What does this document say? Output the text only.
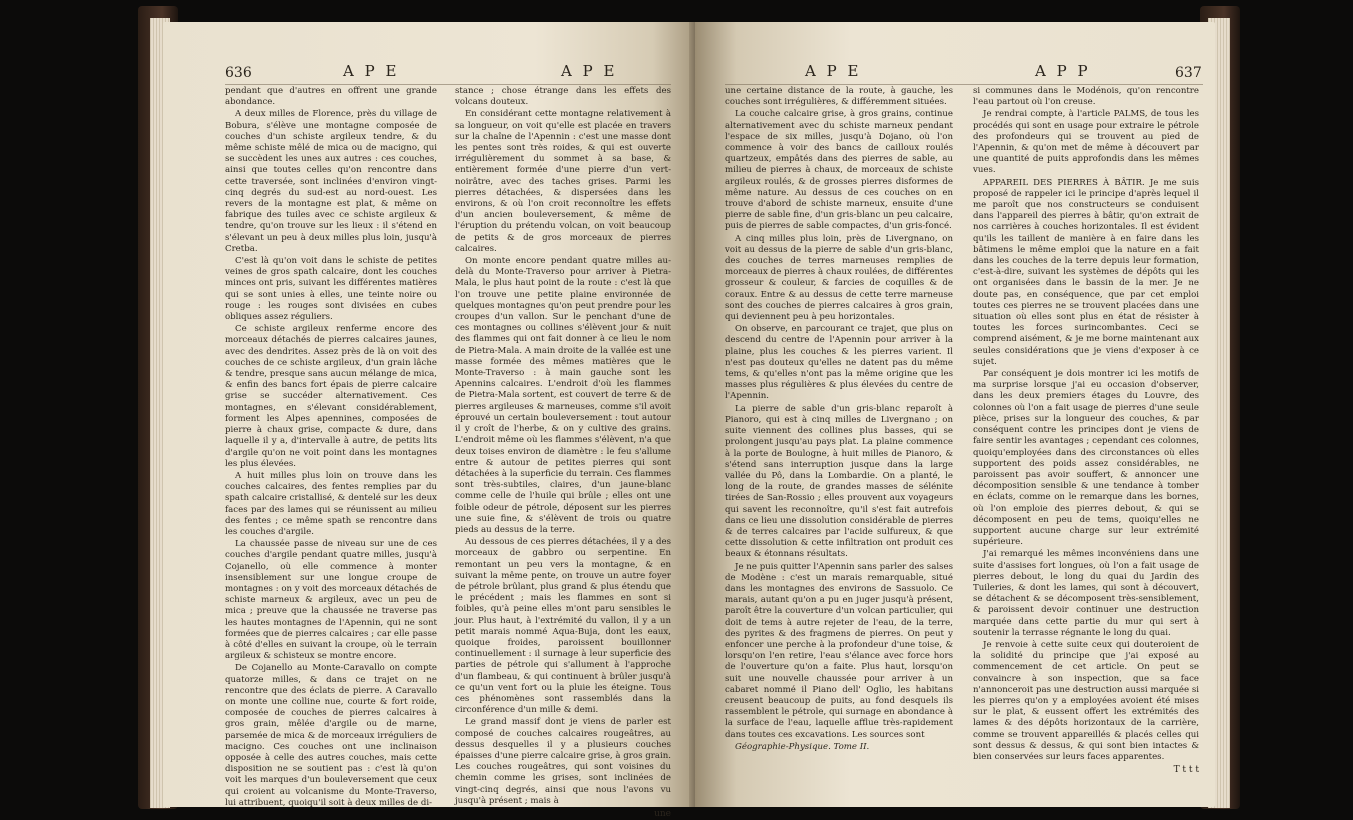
636	A P E	A P E

pendant que d'autres en offrent une grande abondance.

A deux milles de Florence, près du village de Bobura, s'élève une montagne composée de couches d'un schiste argileux tendre, & du même schiste mêlé de mica ou de macigno, qui se succèdent les unes aux autres : ces couches, ainsi que toutes celles qu'on rencontre dans cette traversée, sont inclinées d'environ vingt-cinq degrés du sud-est au nord-ouest. Les revers de la montagne est plat, & même on fabrique des tuiles avec ce schiste argileux & tendre, qu'on trouve sur les lieux : il s'étend en s'élevant un peu à deux milles plus loin, jusqu'à Cretba.

C'est là qu'on voit dans le schiste de petites veines de gros spath calcaire, dont les couches minces ont pris, suivant les différentes matières qui se sont unies à elles, une teinte noire ou rouge : les rouges sont divisées en cubes obliques assez réguliers.

Ce schiste argileux renferme encore des morceaux détachés de pierres calcaires jaunes, avec des dendrites. Assez près de là on voit des couches de ce schiste argileux, d'un grain lâche & tendre, presque sans aucun mélange de mica, & enfin des bancs fort épais de pierre calcaire grise se succéder alternativement. Ces montagnes, en s'élevant considérablement, forment les Alpes apennines, composées de pierre à chaux grise, compacte & dure, dans laquelle il y a, d'intervalle à autre, de petits lits d'argile qu'on ne voit point dans les montagnes les plus élevées.

A huit milles plus loin on trouve dans les couches calcaires, des fentes remplies par du spath calcaire cristallisé, & dentelé sur les deux faces par des lames qui se réunissent au milieu des fentes ; ce même spath se rencontre dans les couches d'argile.

La chaussée passe de niveau sur une de ces couches d'argile pendant quatre milles, jusqu'à Cojanello, où elle commence à monter insensiblement sur une longue croupe de montagnes : on y voit des morceaux détachés de schiste marneux & argileux, avec un peu de mica ; preuve que la chaussée ne traverse pas les hautes montagnes de l'Apennin, qui ne sont formées que de pierres calcaires ; car elle passe à côté d'elles en suivant la croupe, où le terrain argileux & schisteux se montre encore.

De Cojanello au Monte-Caravallo on compte quatorze milles, & dans ce trajet on ne rencontre que des éclats de pierre. A Caravallo on monte une colline nue, courte & fort roide, composée de couches de pierres calcaires à gros grain, mêlée d'argile ou de marne, parsemée de mica & de morceaux irréguliers de macigno. Ces couches ont une inclinaison opposée à celle des autres couches, mais cette disposition ne se soutient pas : c'est là qu'on voit les marques d'un bouleversement que ceux qui croient au volcanisme du Monte-Traverso, lui attribuent, quoiqu'il soit à deux milles de di-

stance ; chose étrange dans les effets des volcans douteux.

En considérant cette montagne relativement à sa longueur, on voit qu'elle est placée en travers sur la chaîne de l'Apennin : c'est une masse dont les pentes sont très roides, & qui est ouverte irrégulièrement du sommet à sa base, & entièrement formée d'une pierre d'un vert-noirâtre, avec des taches grises. Parmi les pierres détachées, & dispersées dans les environs, & où l'on croit reconnoître les effets d'un ancien bouleversement, & même de l'éruption du prétendu volcan, on voit beaucoup de petits & de gros morceaux de pierres calcaires.

On monte encore pendant quatre milles au-delà du Monte-Traverso pour arriver à Pietra-Mala, le plus haut point de la route : c'est là que l'on trouve une petite plaine environnée de quelques montagnes qu'on peut prendre pour les croupes d'un vallon. Sur le penchant d'une de ces montagnes ou collines s'élèvent jour & nuit des flammes qui ont fait donner à ce lieu le nom de Pietra-Mala. A main droite de la vallée est une masse formée des mêmes matières que le Monte-Traverso : à main gauche sont les Apennins calcaires. L'endroit d'où les flammes de Pietra-Mala sortent, est couvert de terre & de pierres argileuses & marneuses, comme s'il avoit éprouvé un certain bouleversement : tout autour il y croît de l'herbe, & on y cultive des grains. L'endroit même où les flammes s'élèvent, n'a que deux toises environ de diamètre : le feu s'allume entre & autour de petites pierres qui sont détachées à la superficie du terrain. Ces flammes sont très-subtiles, claires, d'un jaune-blanc comme celle de l'huile qui brûle ; elles ont une foible odeur de pétrole, déposent sur les pierres une suie fine, & s'élèvent de trois ou quatre pieds au dessus de la terre.

Au dessous de ces pierres détachées, il y a des morceaux de gabbro ou serpentine. En remontant un peu vers la montagne, & en suivant la même pente, on trouve un autre foyer de pétrole brûlant, plus grand & plus étendu que le précédent ; mais les flammes en sont si foibles, qu'à peine elles m'ont paru sensibles le jour. Plus haut, à l'extrémité du vallon, il y a un petit marais nommé Aqua-Buja, dont les eaux, quoique froides, paroissent bouillonner continuellement : il surnage à leur superficie des parties de pétrole qui s'allument à l'approche d'un flambeau, & qui continuent à brûler jusqu'à ce qu'un vent fort ou la pluie les éteigne. Tous ces phénomènes sont rassemblés dans la circonférence d'un mille & demi.

Le grand massif dont je viens de parler est composé de couches calcaires rougeâtres, au dessus desquelles il y a plusieurs couches épaisses d'une pierre calcaire grise, à gros grain. Les couches rougeâtres, qui sont voisines du chemin comme les grises, sont inclinées de vingt-cinq degrés, ainsi que nous l'avons vu jusqu'à présent ; mais à

une

A P E	A P P	637

une certaine distance de la route, à gauche, les couches sont irrégulières, & différemment situées.

La couche calcaire grise, à gros grains, continue alternativement avec du schiste marneux pendant l'espace de six milles, jusqu'à Dojano, où l'on commence à voir des bancs de cailloux roulés quartzeux, empâtés dans des pierres de sable, au milieu de pierres à chaux, de morceaux de schiste argileux roulés, & de grosses pierres disformes de même nature. Au dessus de ces couches on en trouve d'abord de schiste marneux, ensuite d'une pierre de sable fine, d'un gris-blanc un peu calcaire, puis de pierres de sable compactes, d'un gris-foncé.

A cinq milles plus loin, près de Livergnano, on voit au dessus de la pierre de sable d'un gris-blanc, des couches de terres marneuses remplies de morceaux de pierres à chaux roulées, de différentes grosseur & couleur, & farcies de coquilles & de coraux. Entre & au dessus de cette terre marneuse sont des couches de pierres calcaires à gros grain, qui deviennent peu à peu horizontales.

On observe, en parcourant ce trajet, que plus on descend du centre de l'Apennin pour arriver à la plaine, plus les couches & les pierres varient. Il n'est pas douteux qu'elles ne datent pas du même tems, & qu'elles n'ont pas la même origine que les masses plus régulières & plus élevées du centre de l'Apennin.

La pierre de sable d'un gris-blanc reparoît à Pianoro, qui est à cinq milles de Livergnano ; on suite viennent des collines plus basses, qui se prolongent jusqu'au pays plat. La plaine commence à la porte de Boulogne, à huit milles de Pianoro, & s'étend sans interruption jusque dans la large vallée du Pô, dans la Lombardie. On a planté, le long de la route, de grandes masses de sélénite tirées de San-Rossio ; elles prouvent aux voyageurs qui savent les reconnoître, qu'il s'est fait autrefois dans ce lieu une dissolution considérable de pierres & de terres calcaires par l'acide sulfureux, & que cette dissolution & cette infiltration ont produit ces beaux & étonnans résultats.

Je ne puis quitter l'Apennin sans parler des salses de Modène : c'est un marais remarquable, situé dans les montagnes des environs de Sassuolo. Ce marais, autant qu'on a pu en juger jusqu'à présent, paroît être la couverture d'un volcan particulier, qui doit de tems à autre rejeter de l'eau, de la terre, des pyrites & des fragmens de pierres. On peut y enfoncer une perche à la profondeur d'une toise, & lorsqu'on l'en retire, l'eau s'élance avec force hors de l'ouverture qu'on a faite. Plus haut, lorsqu'on suit une nouvelle chaussée pour arriver à un cabaret nommé il Piano dell' Oglio, les habitans creusent beaucoup de puits, au fond desquels ils rassemblent le pétrole, qui surnage en abondance à la surface de l'eau, laquelle afflue très-rapidement dans toutes ces excavations. Les sources sont

Géographie-Physique. Tome II.

si communes dans le Modénois, qu'on rencontre l'eau partout où l'on creuse.

Je rendrai compte, à l'article PALMS, de tous les procédés qui sont en usage pour extraire le pétrole des profondeurs qui se trouvent au pied de l'Apennin, & qu'on met de même à découvert par une quantité de puits approfondis dans les mêmes vues.

APPAREIL DES PIERRES À BÂTIR. Je me suis proposé de rappeler ici le principe d'après lequel il me paroît que nos constructeurs se conduisent dans l'appareil des pierres à bâtir, qu'on extrait de nos carrières à couches horizontales. Il est évident qu'ils les taillent de manière à en faire dans les bâtimens le même emploi que la nature en a fait dans les couches de la terre depuis leur formation, c'est-à-dire, suivant les systèmes de dépôts qui les ont organisées dans le bassin de la mer. Je ne doute pas, en conséquence, que par cet emploi toutes ces pierres ne se trouvent placées dans une situation où elles sont plus en état de résister à toutes les forces surincombantes. Ceci se comprend aisément, & je me borne maintenant aux seules considérations que je viens d'exposer à ce sujet.

Par conséquent je dois montrer ici les motifs de ma surprise lorsque j'ai eu occasion d'observer, dans les deux premiers étages du Louvre, des colonnes où l'on a fait usage de pierres d'une seule pièce, prises sur la longueur des couches, & par conséquent contre les principes dont je viens de faire sentir les avantages ; cependant ces colonnes, quoiqu'employées dans des circonstances où elles supportent des poids assez considérables, ne paroissent pas avoir souffert, & annoncer une décomposition sensible & une tendance à tomber en éclats, comme on le remarque dans les bornes, où l'on emploie des pierres debout, & qui se décomposent en peu de tems, quoiqu'elles ne supportent aucune charge sur leur extrémité supérieure.

J'ai remarqué les mêmes inconvéniens dans une suite d'assises fort longues, où l'on a fait usage de pierres debout, le long du quai du Jardin des Tuileries, & dont les lames, qui sont à découvert, se détachent & se décomposent très-sensiblement, & paroissent devoir continuer une destruction marquée dans cette partie du mur qui sert à soutenir la terrasse régnante le long du quai.

Je renvoie à cette suite ceux qui douteroient de la solidité du principe que j'ai exposé au commencement de cet article. On peut se convaincre à son inspection, que sa face n'annonceroit pas une destruction aussi marquée si les pierres qu'on y a employées avoient été mises sur le plat, & eussent offert les extrémités des lames & des dépôts horizontaux de la carrière, comme se trouvent appareillés & placés celles qui sont dessus & dessus, & qui sont bien intactes & bien conservées sur leurs faces apparentes.

T t t t
